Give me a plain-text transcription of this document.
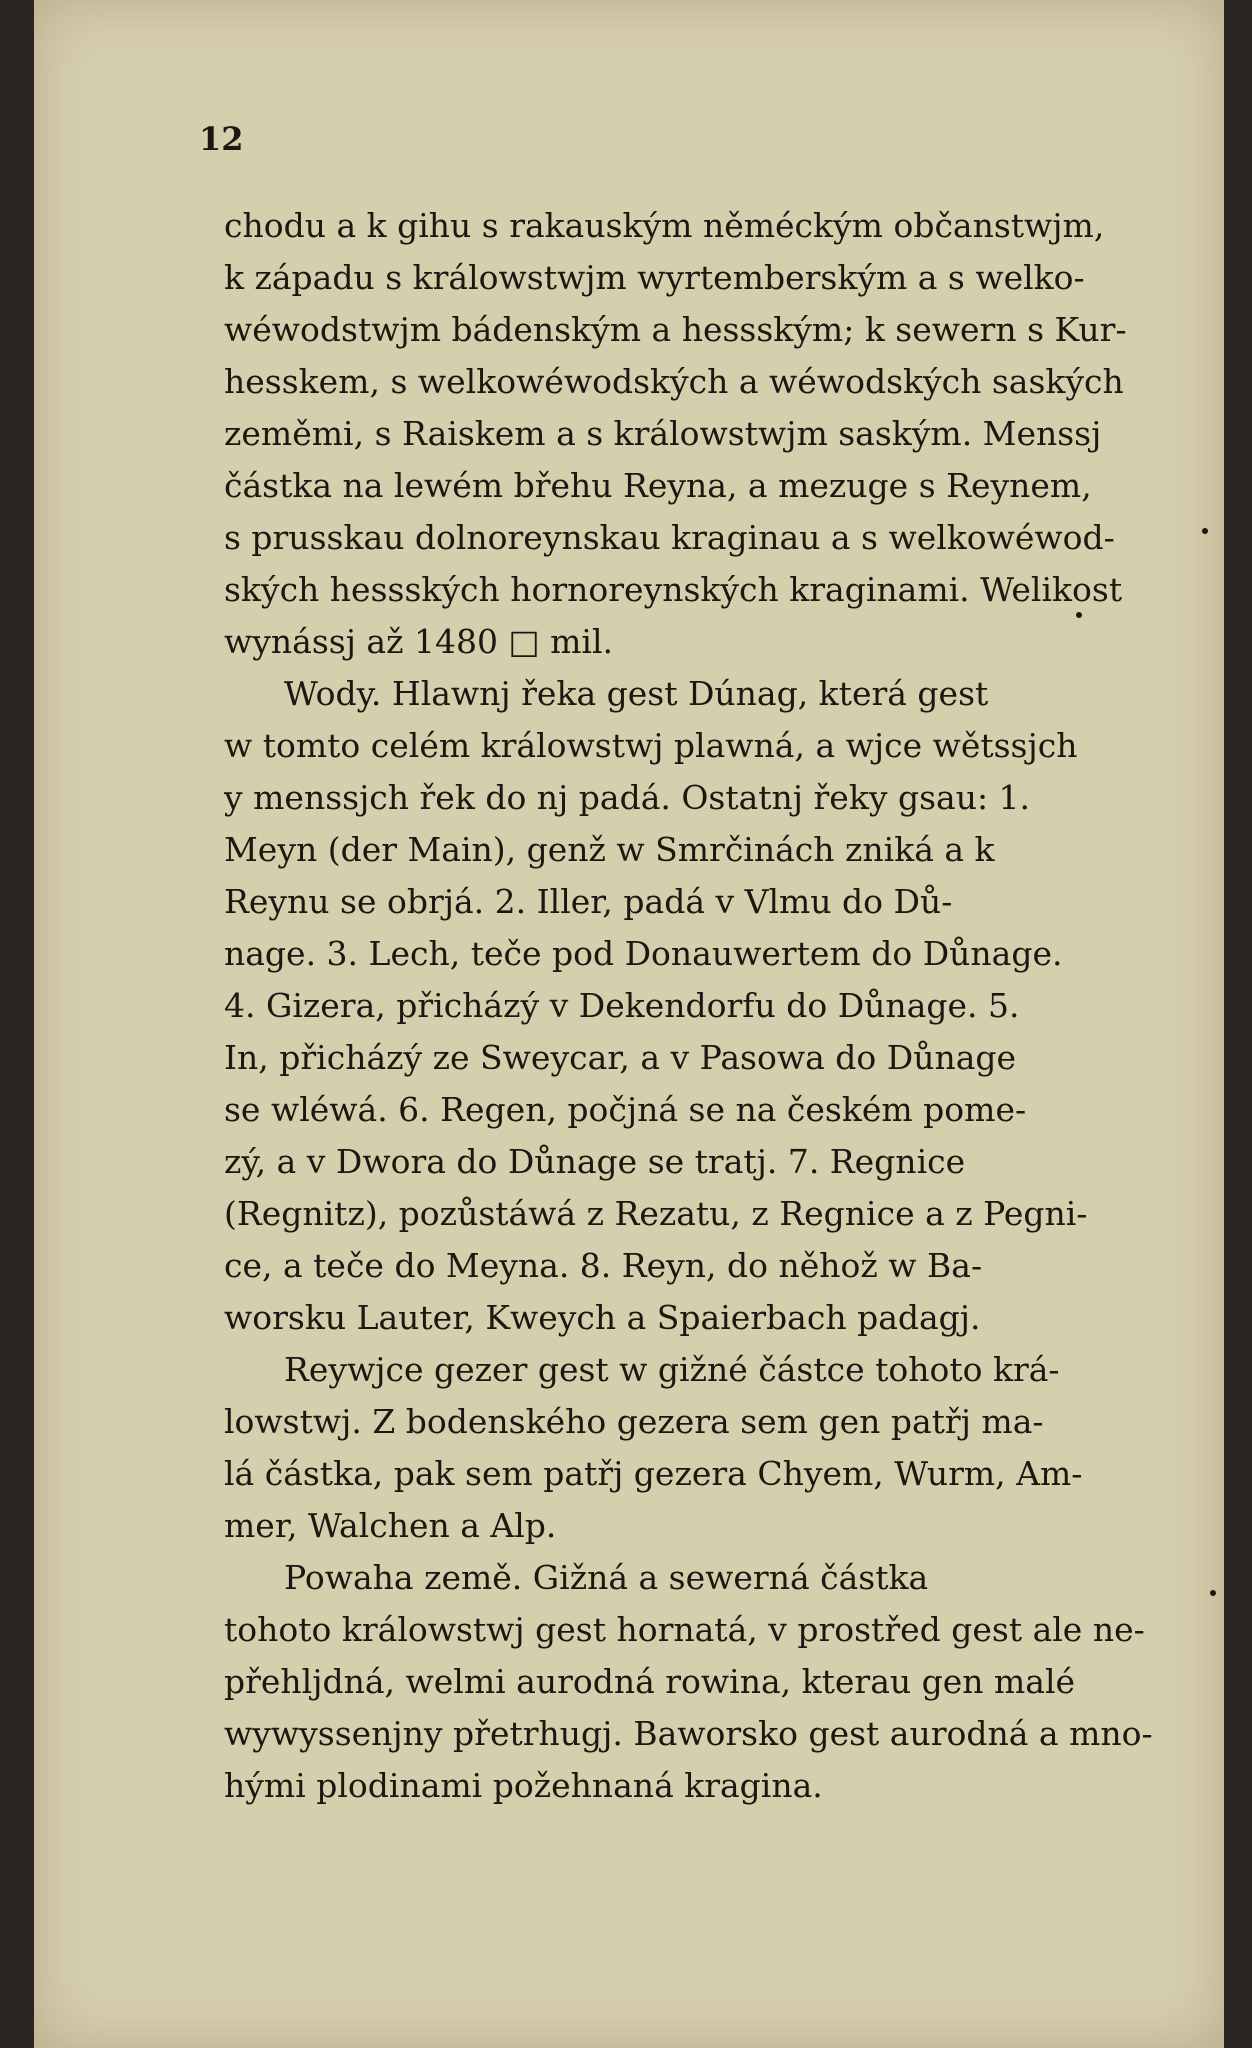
12
chodu a k gihu s rakauským něméckým občanstwjm,
k západu s králowstwjm wyrtemberským a s welko-
wéwodstwjm bádenským a hessským; k sewern s Kur-
hesskem, s welkowéwodských a wéwodských saských
zeměmi, s Raiskem a s králowstwjm saským. Menssj
částka na lewém břehu Reyna, a mezuge s Reynem,
s prusskau dolnoreynskau kraginau a s welkowéwod-
ských hessských hornoreynských kraginami. Welikost
wynássj až 1480 □ mil.
Wody. Hlawnj řeka gest Dúnag, která gest
w tomto celém králowstwj plawná, a wjce wětssjch
y menssjch řek do nj padá. Ostatnj řeky gsau: 1.
Meyn (der Main), genž w Smrčinách zniká a k
Reynu se obrjá. 2. Iller, padá v Vlmu do Dů-
nage. 3. Lech, teče pod Donauwertem do Důnage.
4. Gizera, přicházý v Dekendorfu do Důnage. 5.
In, přicházý ze Sweycar, a v Pasowa do Důnage
se wléwá. 6. Regen, počjná se na českém pome-
zý, a v Dwora do Důnage se tratj. 7. Regnice
(Regnitz), pozůstáwá z Rezatu, z Regnice a z Pegni-
ce, a teče do Meyna. 8. Reyn, do něhož w Ba-
worsku Lauter, Kweych a Spaierbach padagj.
Reywjce gezer gest w gižné částce tohoto krá-
lowstwj. Z bodenského gezera sem gen patřj ma-
lá částka, pak sem patřj gezera Chyem, Wurm, Am-
mer, Walchen a Alp.
Powaha země. Gižná a sewerná částka
tohoto králowstwj gest hornatá, v prostřed gest ale ne-
přehljdná, welmi aurodná rowina, kterau gen malé
wywyssenjny přetrhugj. Baworsko gest aurodná a mno-
hými plodinami požehnaná kragina.
